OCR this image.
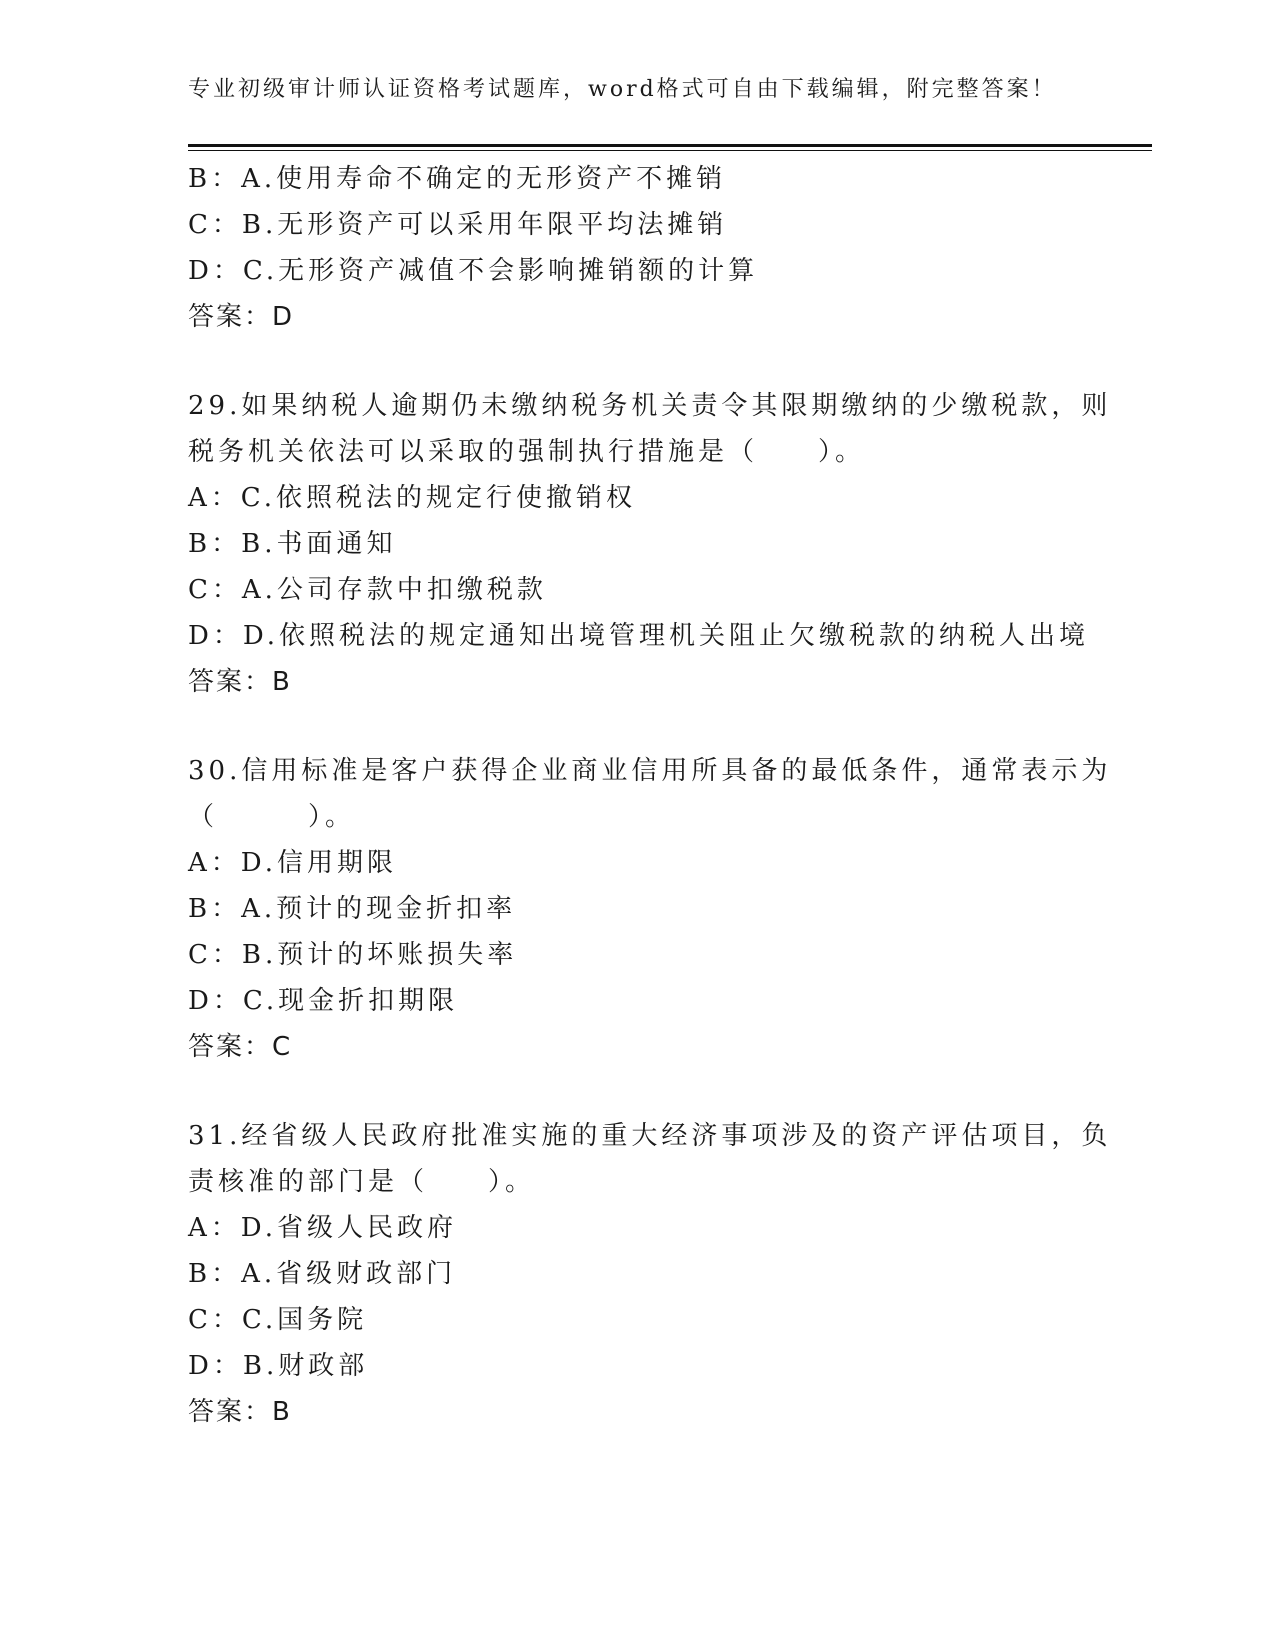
专业初级审计师认证资格考试题库，word格式可自由下载编辑，附完整答案！
B：A.使用寿命不确定的无形资产不摊销
C：B.无形资产可以采用年限平均法摊销
D：C.无形资产减值不会影响摊销额的计算
答案：D
29.如果纳税人逾期仍未缴纳税务机关责令其限期缴纳的少缴税款，则
税务机关依法可以采取的强制执行措施是（　　）。
A：C.依照税法的规定行使撤销权
B：B.书面通知
C：A.公司存款中扣缴税款
D：D.依照税法的规定通知出境管理机关阻止欠缴税款的纳税人出境
答案：B
30.信用标准是客户获得企业商业信用所具备的最低条件，通常表示为
（　　　）。
A：D.信用期限
B：A.预计的现金折扣率
C：B.预计的坏账损失率
D：C.现金折扣期限
答案：C
31.经省级人民政府批准实施的重大经济事项涉及的资产评估项目，负
责核准的部门是（　　）。
A：D.省级人民政府
B：A.省级财政部门
C：C.国务院
D：B.财政部
答案：B
